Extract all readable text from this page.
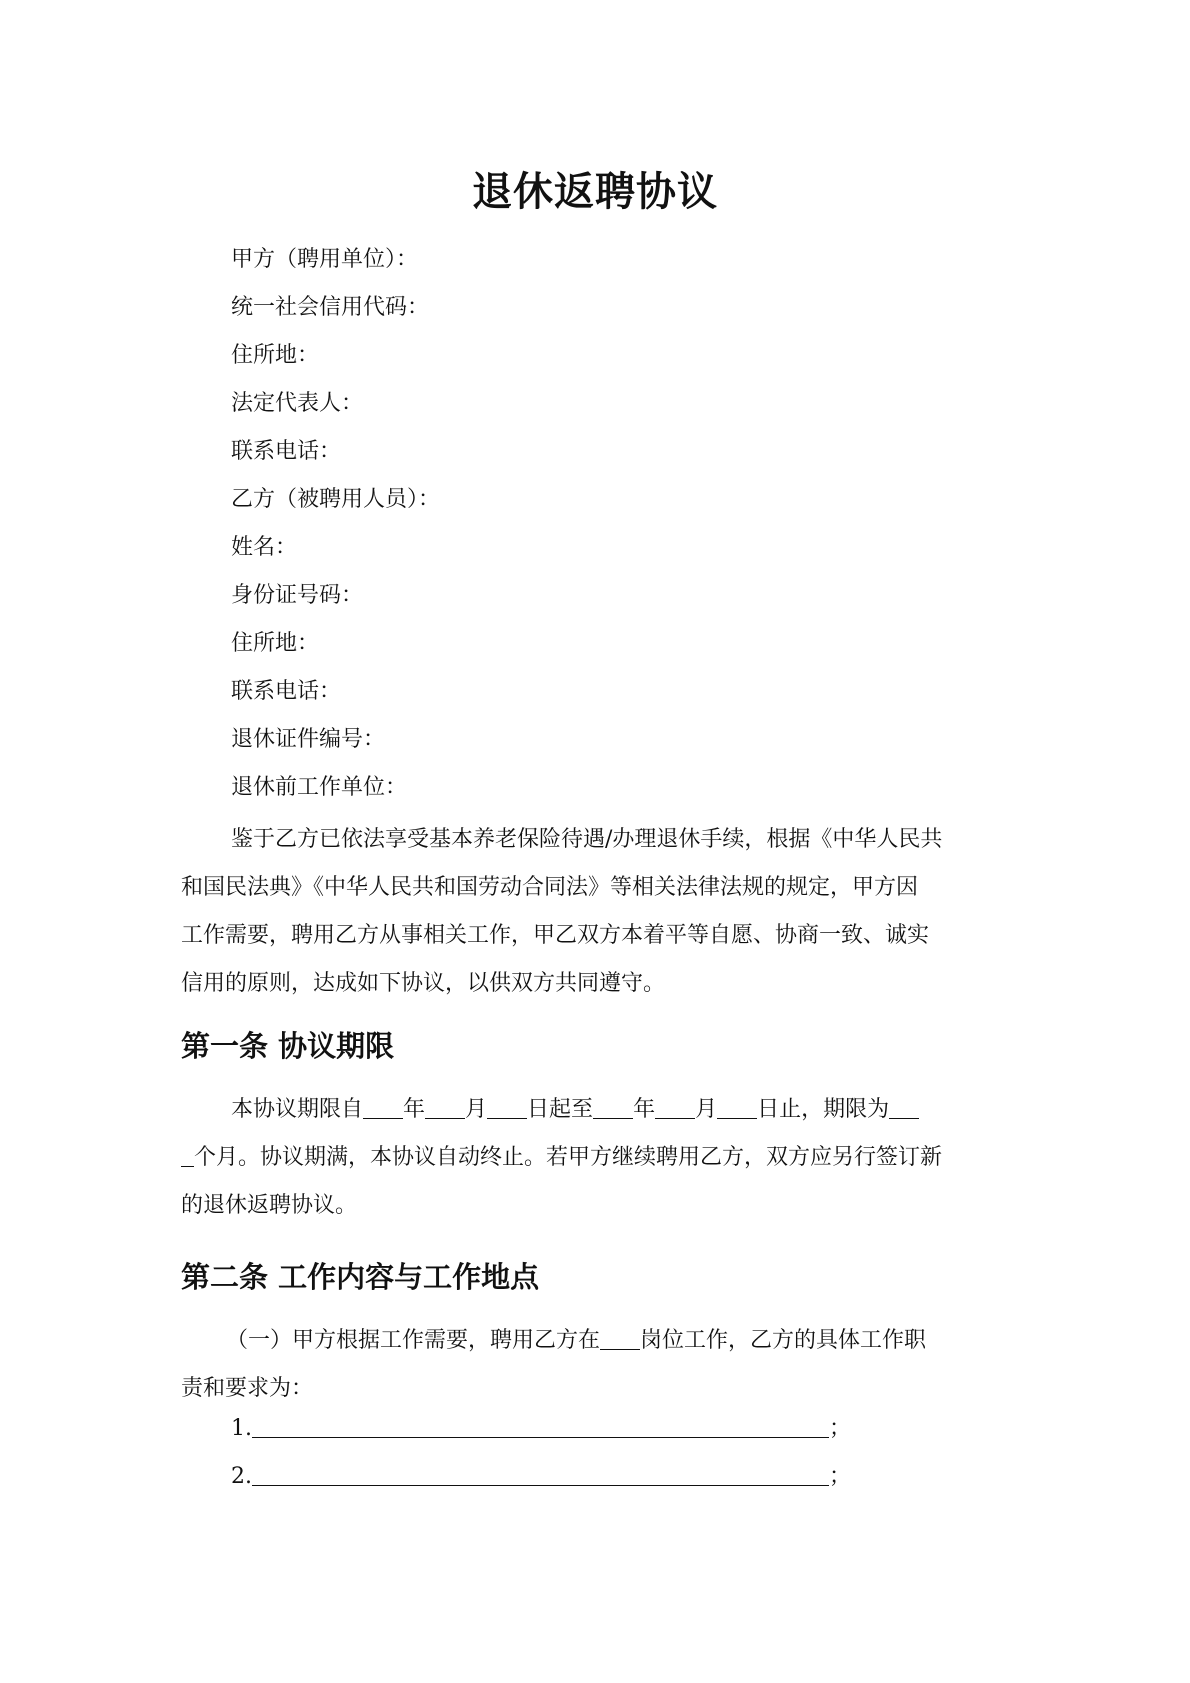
退休返聘协议
甲方（聘用单位）：
统一社会信用代码：
住所地：
法定代表人：
联系电话：
乙方（被聘用人员）：
姓名：
身份证号码：
住所地：
联系电话：
退休证件编号：
退休前工作单位：
鉴于乙方已依法享受基本养老保险待遇/办理退休手续，根据《中华人民共
和国民法典》《中华人民共和国劳动合同法》等相关法律法规的规定，甲方因
工作需要，聘用乙方从事相关工作，甲乙双方本着平等自愿、协商一致、诚实
信用的原则，达成如下协议，以供双方共同遵守。
第一条 协议期限
本协议期限自 年 月 日起至 年 月 日止，期限为
个月。协议期满，本协议自动终止。若甲方继续聘用乙方，双方应另行签订新
的退休返聘协议。
第二条 工作内容与工作地点
（一）甲方根据工作需要，聘用乙方在 岗位工作，乙方的具体工作职
责和要求为：
1.	；
2.	；
